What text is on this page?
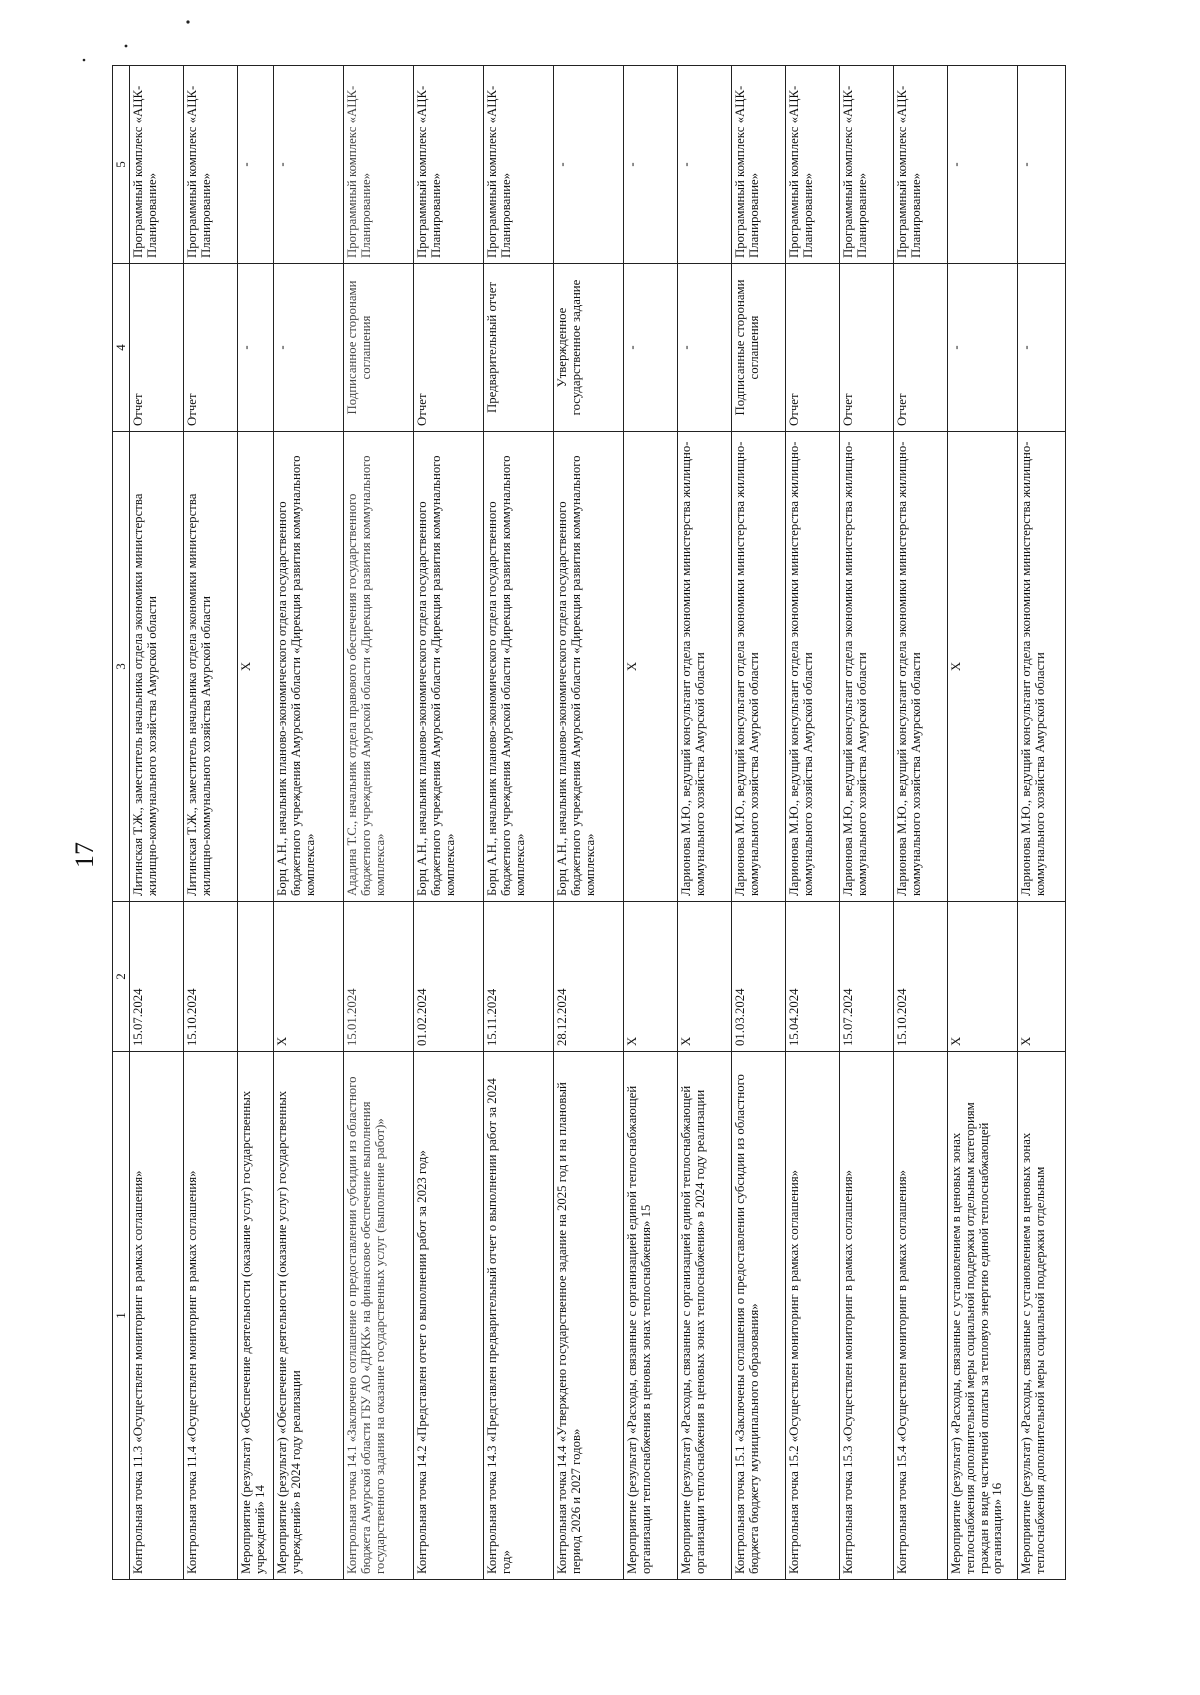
17
1	2	3	4	5
Контрольная точка 11.3 «Осуществлен мониторинг в рамках соглашения»	15.07.2024	Литинская Т.Ж., заместитель начальника отдела экономики министерства жилищно-коммунального хозяйства Амурской области	Отчет	Программный комплекс «АЦК-Планирование»
Контрольная точка 11.4 «Осуществлен мониторинг в рамках соглашения»	15.10.2024	Литинская Т.Ж., заместитель начальника отдела экономики министерства жилищно-коммунального хозяйства Амурской области	Отчет	Программный комплекс «АЦК-Планирование»
Мероприятие (результат) «Обеспечение деятельности (оказание услуг) государственных учреждений» 14		X	-	-
Мероприятие (результат) «Обеспечение деятельности (оказание услуг) государственных учреждений» в 2024 году реализации	X	Борц А.Н., начальник планово-экономического отдела государственного бюджетного учреждения Амурской области «Дирекция развития коммунального комплекса»	-	-
Контрольная точка 14.1 «Заключено соглашение о предоставлении субсидии из областного бюджета Амурской области ГБУ АО «ДРКК» на финансовое обеспечение выполнения государственного задания на оказание государственных услуг (выполнение работ)»	15.01.2024	Ададина Т.С., начальник отдела правового обеспечения государственного бюджетного учреждения Амурской области «Дирекция развития коммунального комплекса»	Подписанное сторонами соглашения	Программный комплекс «АЦК-Планирование»
Контрольная точка 14.2 «Представлен отчет о выполнении работ за 2023 год»	01.02.2024	Борц А.Н., начальник планово-экономического отдела государственного бюджетного учреждения Амурской области «Дирекция развития коммунального комплекса»	Отчет	Программный комплекс «АЦК-Планирование»
Контрольная точка 14.3 «Представлен предварительный отчет о выполнении работ за 2024 год»	15.11.2024	Борц А.Н., начальник планово-экономического отдела государственного бюджетного учреждения Амурской области «Дирекция развития коммунального комплекса»	Предварительный отчет	Программный комплекс «АЦК-Планирование»
Контрольная точка 14.4 «Утверждено государственное задание на 2025 год и на плановый период 2026 и 2027 годов»	28.12.2024	Борц А.Н., начальник планово-экономического отдела государственного бюджетного учреждения Амурской области «Дирекция развития коммунального комплекса»	Утвержденное государственное задание	-
Мероприятие (результат) «Расходы, связанные с организацией единой теплоснабжающей организации теплоснабжения в ценовых зонах теплоснабжения» 15	X	X	-	-
Мероприятие (результат) «Расходы, связанные с организацией единой теплоснабжающей организации теплоснабжения в ценовых зонах теплоснабжения» в 2024 году реализации	X	Ларионова М.Ю., ведущий консультант отдела экономики министерства жилищно-коммунального хозяйства Амурской области	-	-
Контрольная точка 15.1 «Заключены соглашения о предоставлении субсидии из областного бюджета бюджету муниципального образования»	01.03.2024	Ларионова М.Ю., ведущий консультант отдела экономики министерства жилищно-коммунального хозяйства Амурской области	Подписанные сторонами соглашения	Программный комплекс «АЦК-Планирование»
Контрольная точка 15.2 «Осуществлен мониторинг в рамках соглашения»	15.04.2024	Ларионова М.Ю., ведущий консультант отдела экономики министерства жилищно-коммунального хозяйства Амурской области	Отчет	Программный комплекс «АЦК-Планирование»
Контрольная точка 15.3 «Осуществлен мониторинг в рамках соглашения»	15.07.2024	Ларионова М.Ю., ведущий консультант отдела экономики министерства жилищно-коммунального хозяйства Амурской области	Отчет	Программный комплекс «АЦК-Планирование»
Контрольная точка 15.4 «Осуществлен мониторинг в рамках соглашения»	15.10.2024	Ларионова М.Ю., ведущий консультант отдела экономики министерства жилищно-коммунального хозяйства Амурской области	Отчет	Программный комплекс «АЦК-Планирование»
Мероприятие (результат) «Расходы, связанные с установлением в ценовых зонах теплоснабжения дополнительной меры социальной поддержки отдельным категориям граждан в виде частичной оплаты за тепловую энергию единой теплоснабжающей организации» 16	X	X	-	-
Мероприятие (результат) «Расходы, связанные с установлением в ценовых зонах теплоснабжения дополнительной меры социальной поддержки отдельным	X	Ларионова М.Ю., ведущий консультант отдела экономики министерства жилищно-коммунального хозяйства Амурской области	-	-
